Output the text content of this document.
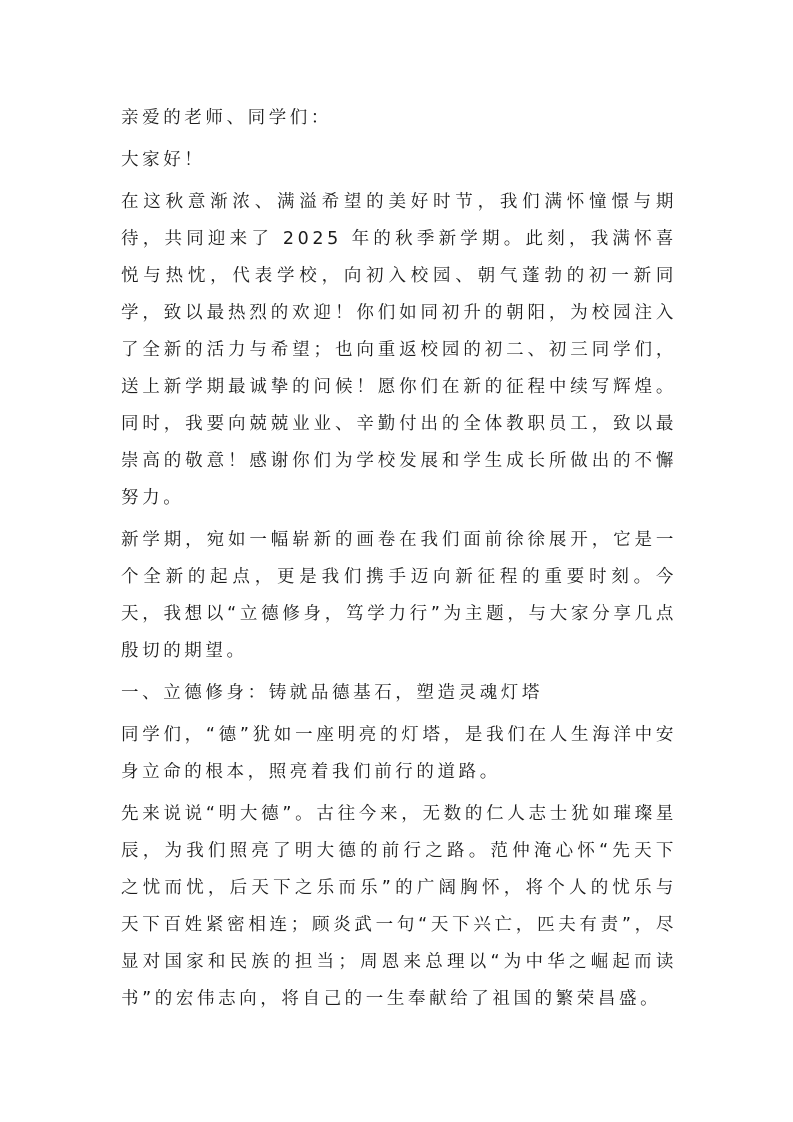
亲爱的老师、同学们：

大家好！

在这秋意渐浓、满溢希望的美好时节，我们满怀憧憬与期待，共同迎来了 2025 年的秋季新学期。此刻，我满怀喜悦与热忱，代表学校，向初入校园、朝气蓬勃的初一新同学，致以最热烈的欢迎！你们如同初升的朝阳，为校园注入了全新的活力与希望；也向重返校园的初二、初三同学们，送上新学期最诚挚的问候！愿你们在新的征程中续写辉煌。同时，我要向兢兢业业、辛勤付出的全体教职员工，致以最崇高的敬意！感谢你们为学校发展和学生成长所做出的不懈努力。

新学期，宛如一幅崭新的画卷在我们面前徐徐展开，它是一个全新的起点，更是我们携手迈向新征程的重要时刻。今天，我想以“立德修身，笃学力行”为主题，与大家分享几点殷切的期望。

一、立德修身：铸就品德基石，塑造灵魂灯塔

同学们，“德”犹如一座明亮的灯塔，是我们在人生海洋中安身立命的根本，照亮着我们前行的道路。

先来说说“明大德”。古往今来，无数的仁人志士犹如璀璨星辰，为我们照亮了明大德的前行之路。范仲淹心怀“先天下之忧而忧，后天下之乐而乐”的广阔胸怀，将个人的忧乐与天下百姓紧密相连；顾炎武一句“天下兴亡，匹夫有责”，尽显对国家和民族的担当；周恩来总理以“为中华之崛起而读书”的宏伟志向，将自己的一生奉献给了祖国的繁荣昌盛。
